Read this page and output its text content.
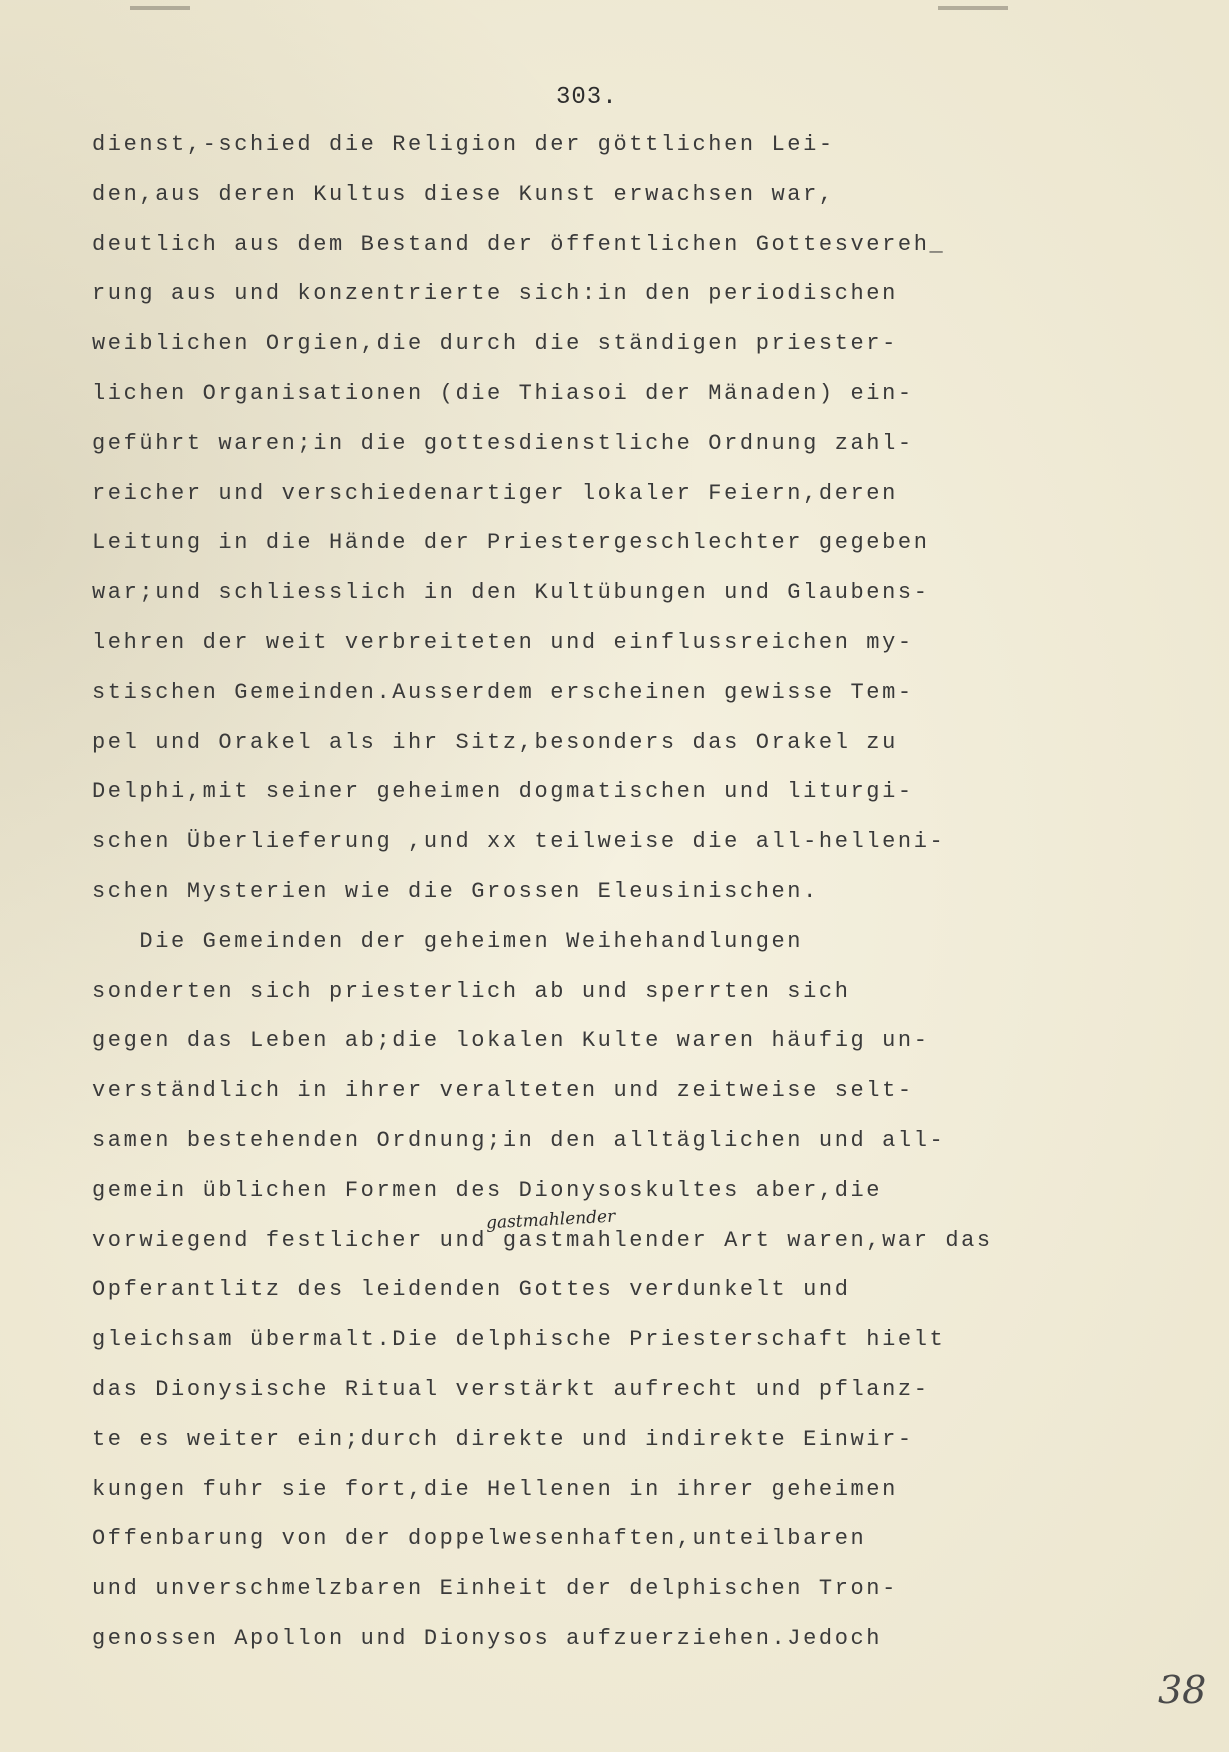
303.
dienst,-schied die Religion der göttlichen Lei-
den,aus deren Kultus diese Kunst erwachsen war,
deutlich aus dem Bestand der öffentlichen Gottesvereh_
rung aus und konzentrierte sich:in den periodischen
weiblichen Orgien,die durch die ständigen priester-
lichen Organisationen (die Thiasoi der Mänaden) ein-
geführt waren;in die gottesdienstliche Ordnung zahl-
reicher und verschiedenartiger lokaler Feiern,deren
Leitung in die Hände der Priestergeschlechter gegeben
war;und schliesslich in den Kultübungen und Glaubens-
lehren der weit verbreiteten und einflussreichen my-
stischen Gemeinden.Ausserdem erscheinen gewisse Tem-
pel und Orakel als ihr Sitz,besonders das Orakel zu
Delphi,mit seiner geheimen dogmatischen und liturgi-
schen Überlieferung ,und xx teilweise die all-helleni-
schen Mysterien wie die Grossen Eleusinischen.
Die Gemeinden der geheimen Weihehandlungen
sonderten sich priesterlich ab und sperrten sich
gegen das Leben ab;die lokalen Kulte waren häufig un-
verständlich in ihrer veralteten und zeitweise selt-
samen bestehenden Ordnung;in den alltäglichen und all-
gemein üblichen Formen des Dionysoskultes aber,die
vorwiegend festlicher und gastmahlender Art waren,war das
Opferantlitz des leidenden Gottes verdunkelt und
gleichsam übermalt.Die delphische Priesterschaft hielt
das Dionysische Ritual verstärkt aufrecht und pflanz-
te es weiter ein;durch direkte und indirekte Einwir-
kungen fuhr sie fort,die Hellenen in ihrer geheimen
Offenbarung von der doppelwesenhaften,unteilbaren
und unverschmelzbaren Einheit der delphischen Tron-
genossen Apollon und Dionysos aufzuerziehen.Jedoch
gastmahlender
38
